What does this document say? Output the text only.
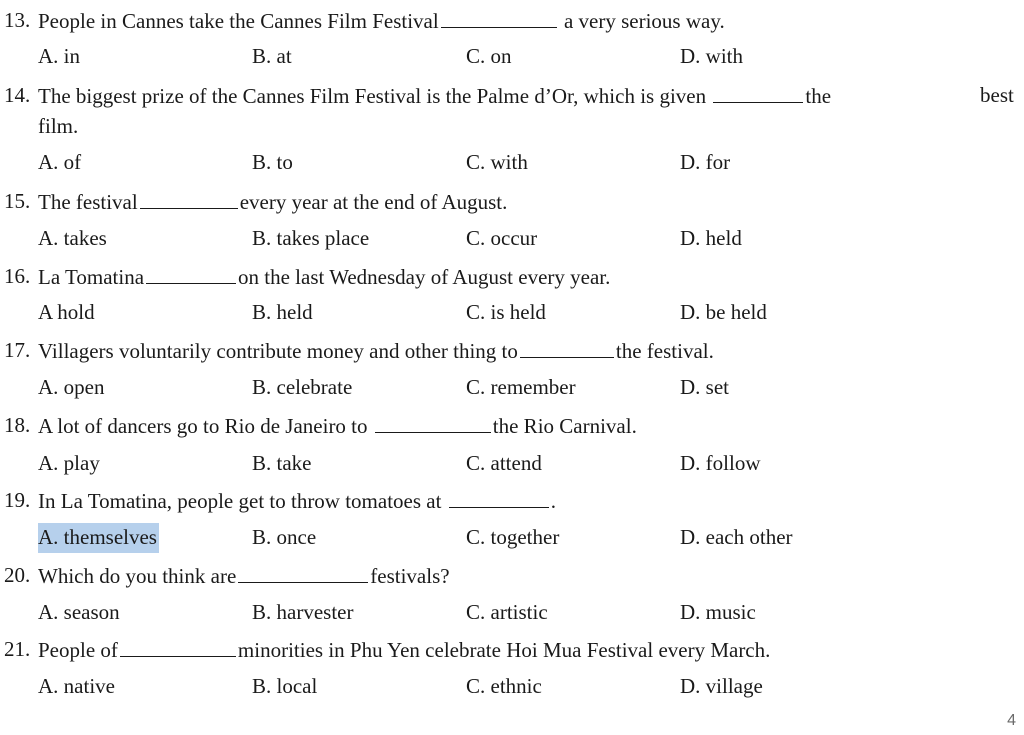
13. People in Cannes take the Cannes Film Festival	a very serious way.
A. in	B. at	C. on	D. with
14. The biggest prize of the Cannes Film Festival is the Palme d’Or, which is given	the	best
film.
A. of	B. to	C. with	D. for
15. The festival	every year at the end of August.
A. takes	B. takes place	C. occur	D. held
16. La Tomatina	on the last Wednesday of August every year.
A hold	B. held	C. is held	D. be held
17. Villagers voluntarily contribute money and other thing to	the festival.
A. open	B. celebrate	C. remember	D. set
18. A lot of dancers go to Rio de Janeiro to	the Rio Carnival.
A. play	B. take	C. attend	D. follow
19. In La Tomatina, people get to throw tomatoes at	.
A. themselves	B. once	C. together	D. each other
20. Which do you think are	festivals?
A. season	B. harvester	C. artistic	D. music
21. People of	minorities in Phu Yen celebrate Hoi Mua Festival every March.
A. native	B. local	C. ethnic	D. village
4
